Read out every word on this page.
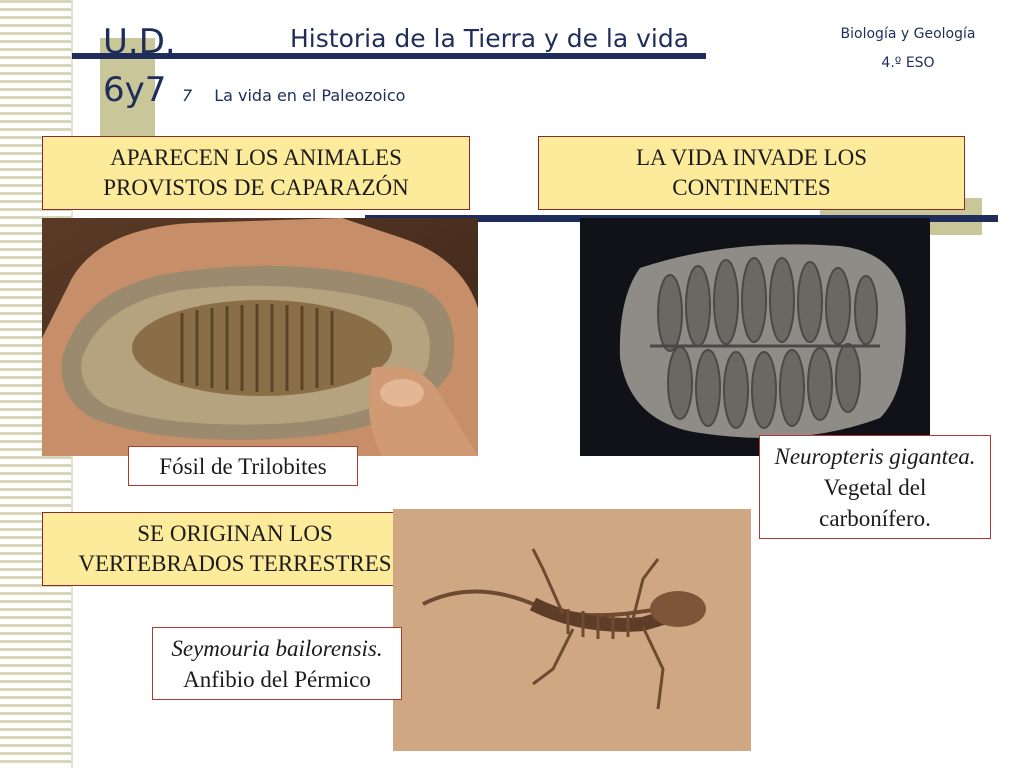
U.D.
6y7
Historia de la Tierra y de la vida
7 La vida en el Paleozoico
Biología y Geología
4.º ESO
APARECEN LOS ANIMALES
PROVISTOS DE CAPARAZÓN
LA VIDA INVADE LOS
CONTINENTES
SE ORIGINAN LOS
VERTEBRADOS TERRESTRES
Fósil de Trilobites	Neuropteris gigantea.
Vegetal del
carbonífero.
Seymouria bailorensis.
Anfibio del Pérmico
